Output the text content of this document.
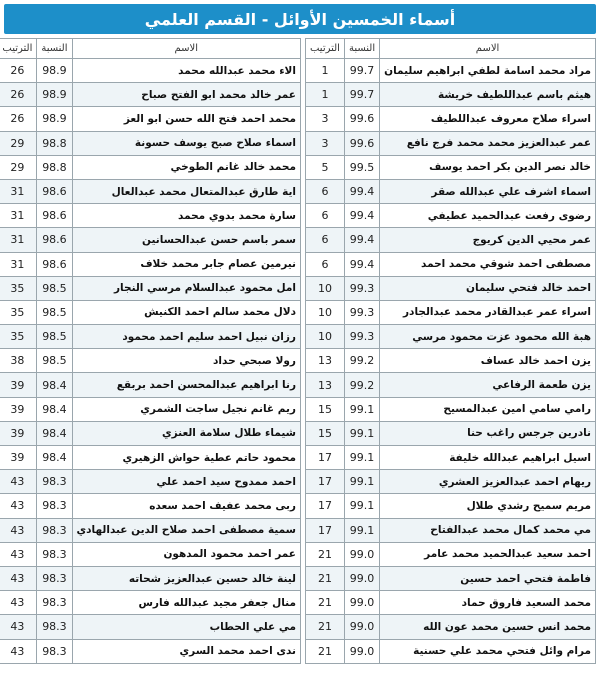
أسماء الخمسين الأوائل - القسم العلمي
الاسم	النسبة	الترتيب
مراد محمد اسامة لطفي ابراهيم سليمان	99.7	1
هيثم باسم عبداللطيف خريشة	99.7	1
اسراء صلاح معروف عبداللطيف	99.6	3
عمر عبدالعزيز محمد محمد فرج نافع	99.6	3
خالد نصر الدين بكر احمد يوسف	99.5	5
اسماء اشرف علي عبدالله صقر	99.4	6
رضوى رفعت عبدالحميد عطيفي	99.4	6
عمر محيي الدين كريوج	99.4	6
مصطفى احمد شوقي محمد احمد	99.4	6
احمد خالد فتحي سليمان	99.3	10
اسراء عمر عبدالقادر محمد عبدالجادر	99.3	10
هبة الله محمود عزت محمود مرسي	99.3	10
يزن احمد خالد عساف	99.2	13
يزن طعمة الرفاعي	99.2	13
رامي سامي امين عبدالمسيح	99.1	15
نادرين جرجس راغب حنا	99.1	15
اسيل ابراهيم عبدالله خليفة	99.1	17
ريهام احمد عبدالعزيز العشري	99.1	17
مريم سميح رشدي طلال	99.1	17
مي محمد كمال محمد عبدالفتاح	99.1	17
احمد سعيد عبدالحميد محمد عامر	99.0	21
فاطمة فتحي احمد حسين	99.0	21
محمد السعيد فاروق حماد	99.0	21
محمد انس حسين محمد عون الله	99.0	21
مرام وائل فتحي محمد علي حسنية	99.0	21
الاسم	النسبة	الترتيب
الاء محمد عبدالله محمد	98.9	26
عمر خالد محمد ابو الفتح صباح	98.9	26
محمد احمد فتح الله حسن ابو العز	98.9	26
اسماء صلاح صبح يوسف حسونة	98.8	29
محمد خالد غانم الطوخي	98.8	29
اية طارق عبدالمتعال محمد عبدالعال	98.6	31
سارة محمد بدوي محمد	98.6	31
سمر باسم حسن عبدالحسانين	98.6	31
نيرمين عصام جابر محمد خلاف	98.6	31
امل محمود عبدالسلام مرسي النجار	98.5	35
دلال محمد سالم احمد الكنيش	98.5	35
رزان نبيل احمد سليم احمد محمود	98.5	35
رولا صبحي حداد	98.5	38
رنا ابراهيم عبدالمحسن احمد بربقع	98.4	39
ريم غانم نجيل ساجت الشمري	98.4	39
شيماء طلال سلامة العنزي	98.4	39
محمود حاتم عطية حواش الزهيري	98.4	39
احمد ممدوح سيد احمد علي	98.3	43
ربى محمد عفيف احمد سعده	98.3	43
سمية مصطفى احمد صلاح الدين عبدالهادي	98.3	43
عمر احمد محمود المدهون	98.3	43
لينة خالد حسين عبدالعزيز شحاته	98.3	43
منال جعفر مجيد عبدالله فارس	98.3	43
مي علي الحطاب	98.3	43
ندى احمد محمد السري	98.3	43
